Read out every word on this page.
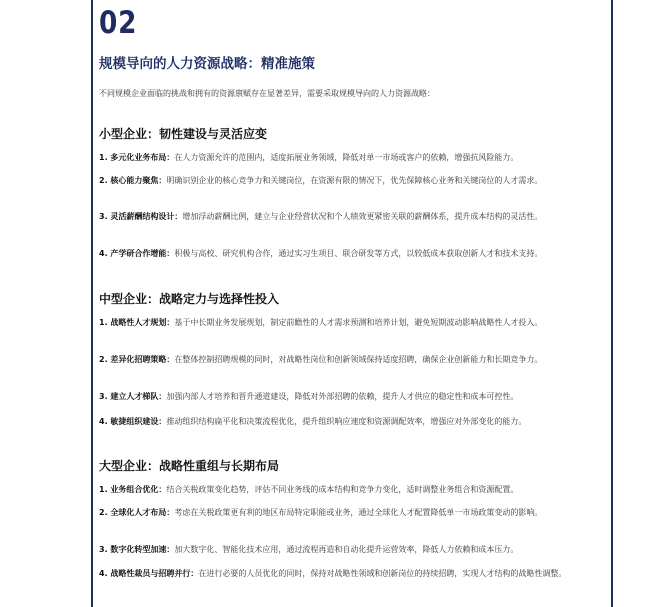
02
规模导向的人力资源战略：精准施策
不同规模企业面临的挑战和拥有的资源禀赋存在显著差异，需要采取规模导向的人力资源战略：
小型企业：韧性建设与灵活应变
1. 多元化业务布局：在人力资源允许的范围内，适度拓展业务领域，降低对单一市场或客户的依赖，增强抗风险能力。
2. 核心能力聚焦：明确识别企业的核心竞争力和关键岗位，在资源有限的情况下，优先保障核心业务和关键岗位的人才需求。
3. 灵活薪酬结构设计：增加浮动薪酬比例，建立与企业经营状况和个人绩效更紧密关联的薪酬体系，提升成本结构的灵活性。
4. 产学研合作增能：积极与高校、研究机构合作，通过实习生项目、联合研发等方式，以较低成本获取创新人才和技术支持。
中型企业：战略定力与选择性投入
1. 战略性人才规划：基于中长期业务发展规划，制定前瞻性的人才需求预测和培养计划，避免短期波动影响战略性人才投入。
2. 差异化招聘策略：在整体控制招聘规模的同时，对战略性岗位和创新领域保持适度招聘，确保企业创新能力和长期竞争力。
3. 建立人才梯队：加强内部人才培养和晋升通道建设，降低对外部招聘的依赖，提升人才供应的稳定性和成本可控性。
4. 敏捷组织建设：推动组织结构扁平化和决策流程优化，提升组织响应速度和资源调配效率，增强应对外部变化的能力。
大型企业：战略性重组与长期布局
1. 业务组合优化：结合关税政策变化趋势，评估不同业务线的成本结构和竞争力变化，适时调整业务组合和资源配置。
2. 全球化人才布局：考虑在关税政策更有利的地区布局特定职能或业务，通过全球化人才配置降低单一市场政策变动的影响。
3. 数字化转型加速：加大数字化、智能化技术应用，通过流程再造和自动化提升运营效率，降低人力依赖和成本压力。
4. 战略性裁员与招聘并行：在进行必要的人员优化的同时，保持对战略性领域和创新岗位的持续招聘，实现人才结构的战略性调整。
